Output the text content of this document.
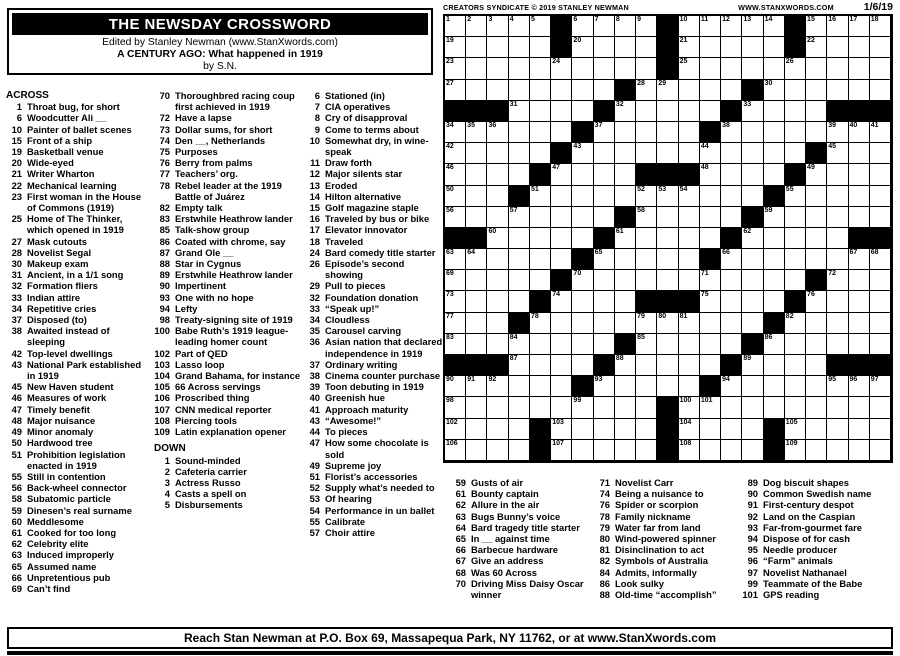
THE NEWSDAY CROSSWORD
Edited by Stanley Newman (www.StanXwords.com)
A CENTURY AGO: What happened in 1919
by S.N.
ACROSS
1 Throat bug, for short
6 Woodcutter Ali __
10 Painter of ballet scenes
15 Front of a ship
19 Basketball venue
20 Wide-eyed
21 Writer Wharton
22 Mechanical learning
23 First woman in the House of Commons (1919)
25 Home of The Thinker, which opened in 1919
27 Mask cutouts
28 Novelist Segal
30 Makeup exam
31 Ancient, in a 1/1 song
32 Formation fliers
33 Indian attire
34 Repetitive cries
37 Disposed (to)
38 Awaited instead of sleeping
42 Top-level dwellings
43 National Park established in 1919
45 New Haven student
46 Measures of work
47 Timely benefit
48 Major nuisance
49 Minor anomaly
50 Hardwood tree
51 Prohibition legislation enacted in 1919
55 Still in contention
56 Back-wheel connector
58 Subatomic particle
59 Dinesen’s real surname
60 Meddlesome
61 Cooked for too long
62 Celebrity elite
63 Induced improperly
65 Assumed name
66 Unpretentious pub
69 Can’t find
70 Thoroughbred racing coup first achieved in 1919
72 Have a lapse
73 Dollar sums, for short
74 Den __, Netherlands
75 Purposes
76 Berry from palms
77 Teachers’ org.
78 Rebel leader at the 1919 Battle of Juárez
82 Empty talk
83 Erstwhile Heathrow lander
85 Talk-show group
86 Coated with chrome, say
87 Grand Ole __
88 Star in Cygnus
89 Erstwhile Heathrow lander
90 Impertinent
93 One with no hope
94 Lefty
98 Treaty-signing site of 1919
100 Babe Ruth’s 1919 league-leading homer count
102 Part of QED
103 Lasso loop
104 Grand Bahama, for instance
105 66 Across servings
106 Proscribed thing
107 CNN medical reporter
108 Piercing tools
109 Latin explanation opener
DOWN
1 Sound-minded
2 Cafeteria carrier
3 Actress Russo
4 Casts a spell on
5 Disbursements
6 Stationed (in)
7 CIA operatives
8 Cry of disapproval
9 Come to terms about
10 Somewhat dry, in wine-speak
11 Draw forth
12 Major silents star
13 Eroded
14 Hilton alternative
15 Golf magazine staple
16 Traveled by bus or bike
17 Elevator innovator
18 Traveled
24 Bard comedy title starter
26 Episode’s second showing
29 Pull to pieces
32 Foundation donation
33 “Speak up!”
34 Cloudless
35 Carousel carving
36 Asian nation that declared independence in 1919
37 Ordinary writing
38 Cinema counter purchase
39 Toon debuting in 1919
40 Greenish hue
41 Approach maturity
43 “Awesome!”
44 To pieces
47 How some chocolate is sold
49 Supreme joy
51 Florist’s accessories
52 Supply what’s needed to
53 Of hearing
54 Performance in un ballet
55 Calibrate
57 Choir attire
CREATORS SYNDICATE © 2019 STANLEY NEWMAN	WWW.STANXWORDS.COM	1/6/19
1 2 3 4 5	6 7 8 9	10 11 12 13 14	15 16 17 18
19	20	21	22
23	24	25	26
27	28 29	30
31	32	33
34 35 36	37	38	39 40 41
42	43	44	45
46	47	48	49
50	51	52 53 54	55
56	57	58	59
60	61	62
63 64	65	66	67 68
69	70	71	72
73	74	75	76
77	78	79 80 81	82
83	84	85	86
87	88	89
90 91 92	93	94	95 96 97
98	99	100 101
102	103	104	105
106	107	108	109
59 Gusts of air
61 Bounty captain
62 Allure in the air
63 Bugs Bunny’s voice
64 Bard tragedy title starter
65 In __ against time
66 Barbecue hardware
67 Give an address
68 Was 60 Across
70 Driving Miss Daisy Oscar winner
71 Novelist Carr
74 Being a nuisance to
76 Spider or scorpion
78 Family nickname
79 Water far from land
80 Wind-powered spinner
81 Disinclination to act
82 Symbols of Australia
84 Admits, informally
86 Look sulky
88 Old-time “accomplish”
89 Dog biscuit shapes
90 Common Swedish name
91 First-century despot
92 Land on the Caspian
93 Far-from-gourmet fare
94 Dispose of for cash
95 Needle producer
96 “Farm” animals
97 Novelist Nathanael
99 Teammate of the Babe
101 GPS reading
Reach Stan Newman at P.O. Box 69, Massapequa Park, NY 11762, or at www.StanXwords.com
